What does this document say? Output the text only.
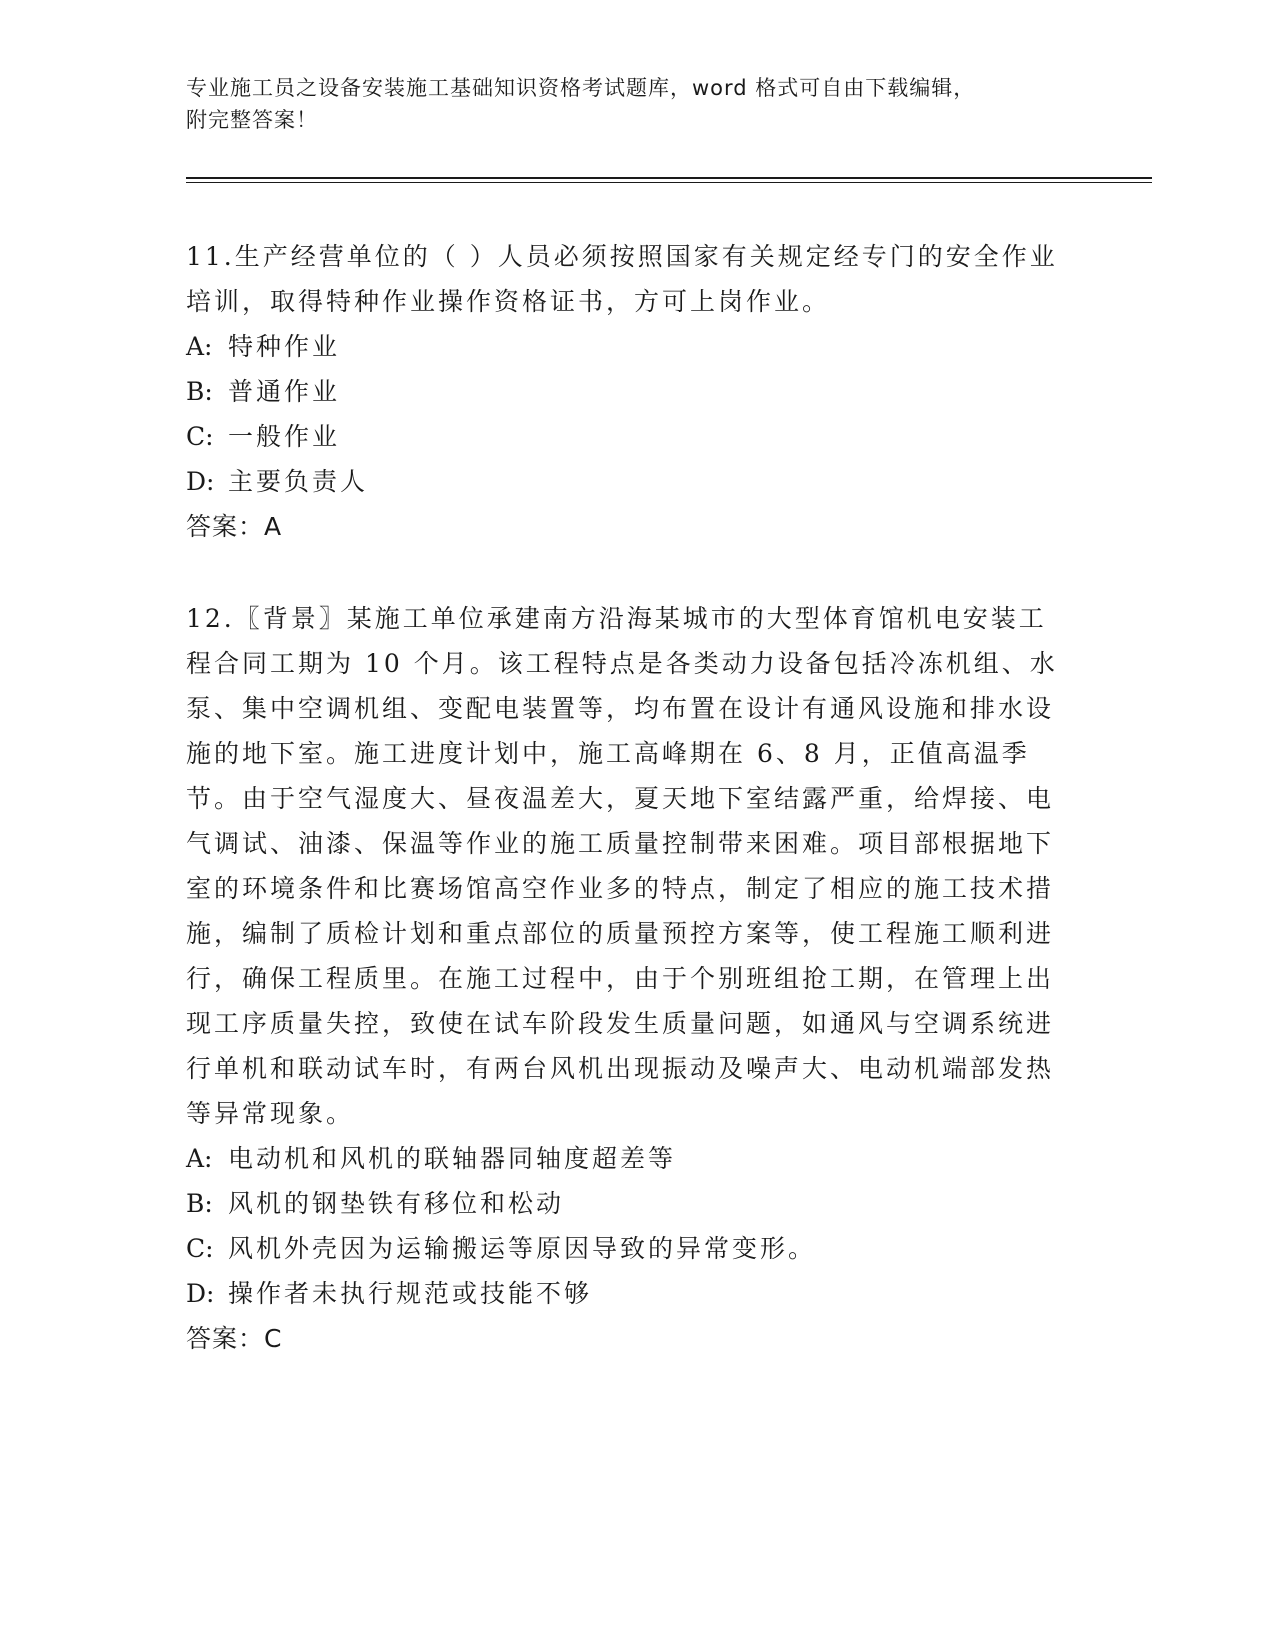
专业施工员之设备安装施工基础知识资格考试题库，word 格式可自由下载编辑，
附完整答案！

11.生产经营单位的（ ）人员必须按照国家有关规定经专门的安全作业培训，取得特种作业操作资格证书，方可上岗作业。

A: 特种作业

B: 普通作业

C: 一般作业

D: 主要负责人

答案：A

12.〖背景〗某施工单位承建南方沿海某城市的大型体育馆机电安装工程合同工期为 10 个月。该工程特点是各类动力设备包括冷冻机组、水泵、集中空调机组、变配电装置等，均布置在设计有通风设施和排水设施的地下室。施工进度计划中，施工高峰期在 6、8 月，正值高温季节。由于空气湿度大、昼夜温差大，夏天地下室结露严重，给焊接、电气调试、油漆、保温等作业的施工质量控制带来困难。项目部根据地下室的环境条件和比赛场馆高空作业多的特点，制定了相应的施工技术措施，编制了质检计划和重点部位的质量预控方案等，使工程施工顺利进行，确保工程质里。在施工过程中，由于个别班组抢工期，在管理上出现工序质量失控，致使在试车阶段发生质量问题，如通风与空调系统进行单机和联动试车时，有两台风机出现振动及噪声大、电动机端部发热等异常现象。

A: 电动机和风机的联轴器同轴度超差等

B: 风机的钢垫铁有移位和松动

C: 风机外壳因为运输搬运等原因导致的异常变形。

D: 操作者未执行规范或技能不够

答案：C
